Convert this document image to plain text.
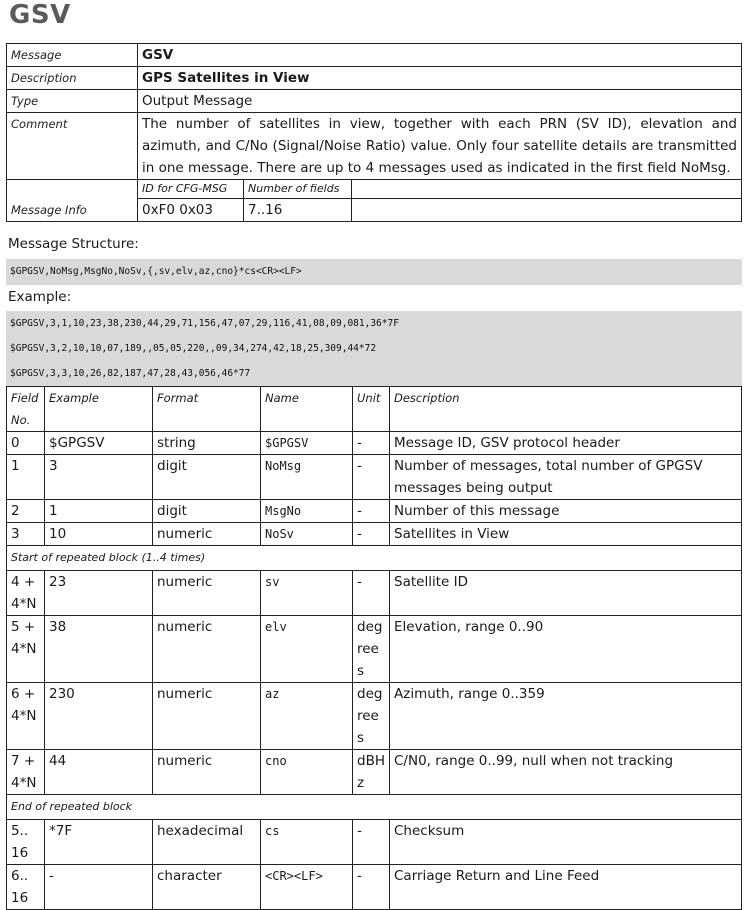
GSV
Message	GSV		
Description	GPS Satellites in View		
Type	Output Message		
Comment	The number of satellites in view, together with each PRN (SV ID), elevation and azimuth, and C/No (Signal/Noise Ratio) value. Only four satellite details are transmitted in one message. There are up to 4 messages used as indicated in the first field NoMsg.		
Message Info	ID for CFG-MSG	Number of fields	
	0xF0 0x03	7..16	
Message Structure:
$GPGSV,NoMsg,MsgNo,NoSv,{,sv,elv,az,cno}*cs<CR><LF>
Example:
$GPGSV,3,1,10,23,38,230,44,29,71,156,47,07,29,116,41,08,09,081,36*7F
$GPGSV,3,2,10,10,07,189,,05,05,220,,09,34,274,42,18,25,309,44*72
$GPGSV,3,3,10,26,82,187,47,28,43,056,46*77
Field No.	Example	Format	Name	Unit	Description
0	$GPGSV	string	$GPGSV	-	Message ID, GSV protocol header
1	3	digit	NoMsg	-	Number of messages, total number of GPGSV messages being output
2	1	digit	MsgNo	-	Number of this message
3	10	numeric	NoSv	-	Satellites in View
Start of repeated block (1..4 times)					
4 + 4*N	23	numeric	sv	-	Satellite ID
5 + 4*N	38	numeric	elv	degrees	Elevation, range 0..90
6 + 4*N	230	numeric	az	degrees	Azimuth, range 0..359
7 + 4*N	44	numeric	cno	dBHz	C/N0, range 0..99, null when not tracking
End of repeated block					
5.. 16	*7F	hexadecimal	cs	-	Checksum
6.. 16	-	character	<CR><LF>	-	Carriage Return and Line Feed
